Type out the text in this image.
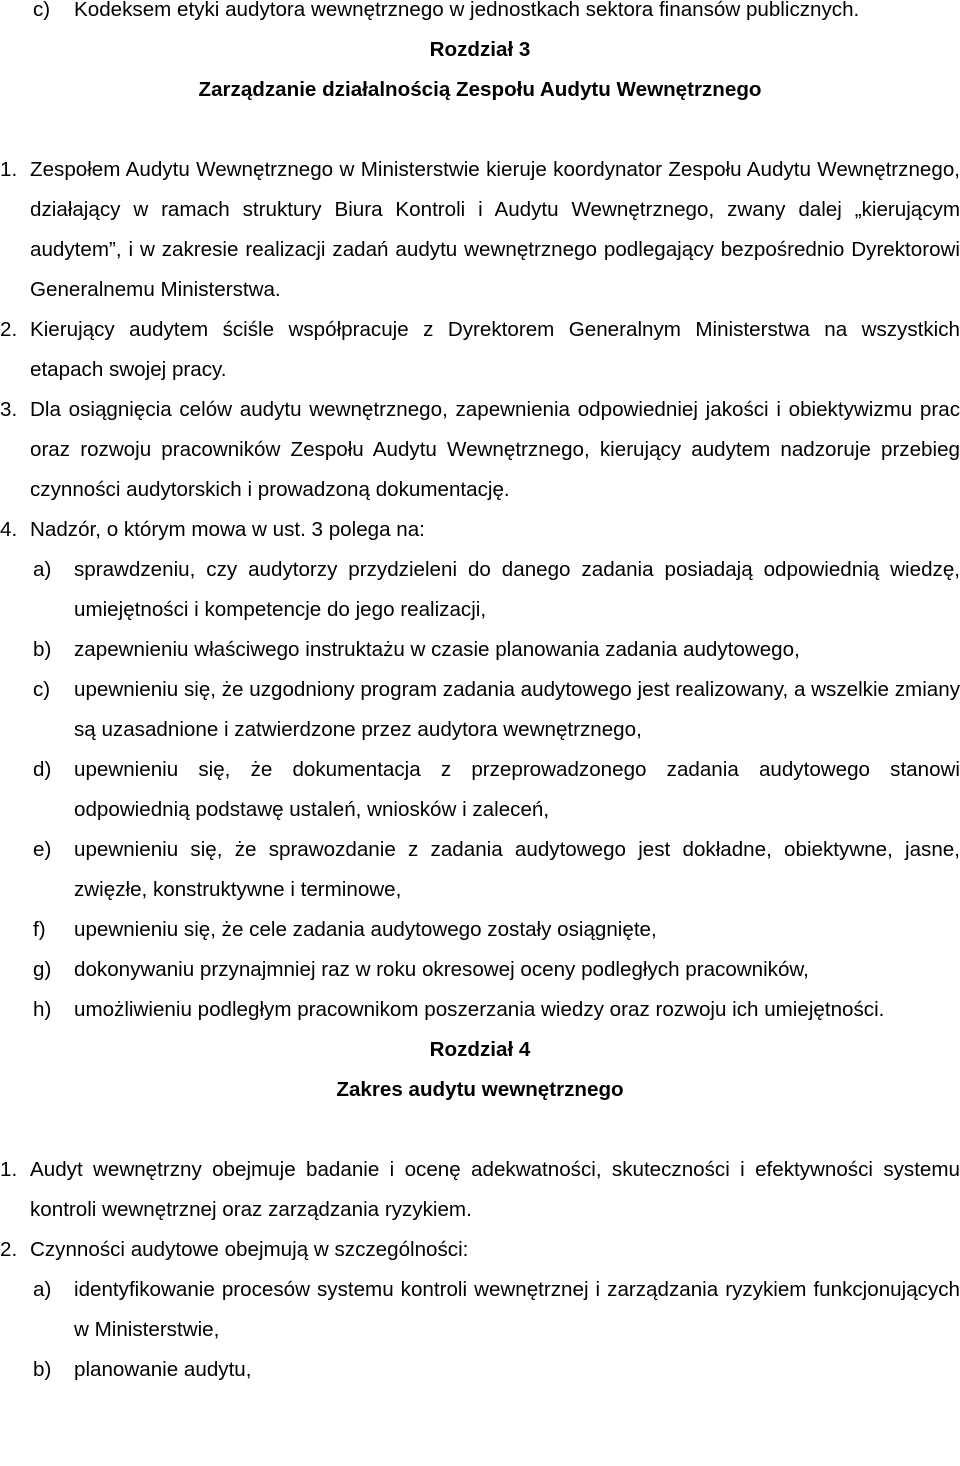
c) Kodeksem etyki audytora wewnętrznego w jednostkach sektora finansów publicznych.
Rozdział 3
Zarządzanie działalnością Zespołu Audytu Wewnętrznego
1. Zespołem Audytu Wewnętrznego w Ministerstwie kieruje koordynator Zespołu Audytu Wewnętrznego, działający w ramach struktury Biura Kontroli i Audytu Wewnętrznego, zwany dalej „kierującym audytem”, i w zakresie realizacji zadań audytu wewnętrznego podlegający bezpośrednio Dyrektorowi Generalnemu Ministerstwa.
2. Kierujący audytem ściśle współpracuje z Dyrektorem Generalnym Ministerstwa na wszystkich etapach swojej pracy.
3. Dla osiągnięcia celów audytu wewnętrznego, zapewnienia odpowiedniej jakości i obiektywizmu prac oraz rozwoju pracowników Zespołu Audytu Wewnętrznego, kierujący audytem nadzoruje przebieg czynności audytorskich i prowadzoną dokumentację.
4. Nadzór, o którym mowa w ust. 3 polega na:
a) sprawdzeniu, czy audytorzy przydzieleni do danego zadania posiadają odpowiednią wiedzę, umiejętności i kompetencje do jego realizacji,
b) zapewnieniu właściwego instruktażu w czasie planowania zadania audytowego,
c) upewnieniu się, że uzgodniony program zadania audytowego jest realizowany, a wszelkie zmiany są uzasadnione i zatwierdzone przez audytora wewnętrznego,
d) upewnieniu się, że dokumentacja z przeprowadzonego zadania audytowego stanowi odpowiednią podstawę ustaleń, wniosków i zaleceń,
e) upewnieniu się, że sprawozdanie z zadania audytowego jest dokładne, obiektywne, jasne, zwięzłe, konstruktywne i terminowe,
f) upewnieniu się, że cele zadania audytowego zostały osiągnięte,
g) dokonywaniu przynajmniej raz w roku okresowej oceny podległych pracowników,
h) umożliwieniu podległym pracownikom poszerzania wiedzy oraz rozwoju ich umiejętności.
Rozdział 4
Zakres audytu wewnętrznego
1. Audyt wewnętrzny obejmuje badanie i ocenę adekwatności, skuteczności i efektywności systemu kontroli wewnętrznej oraz zarządzania ryzykiem.
2. Czynności audytowe obejmują w szczególności:
a) identyfikowanie procesów systemu kontroli wewnętrznej i zarządzania ryzykiem funkcjonujących w Ministerstwie,
b) planowanie audytu,
